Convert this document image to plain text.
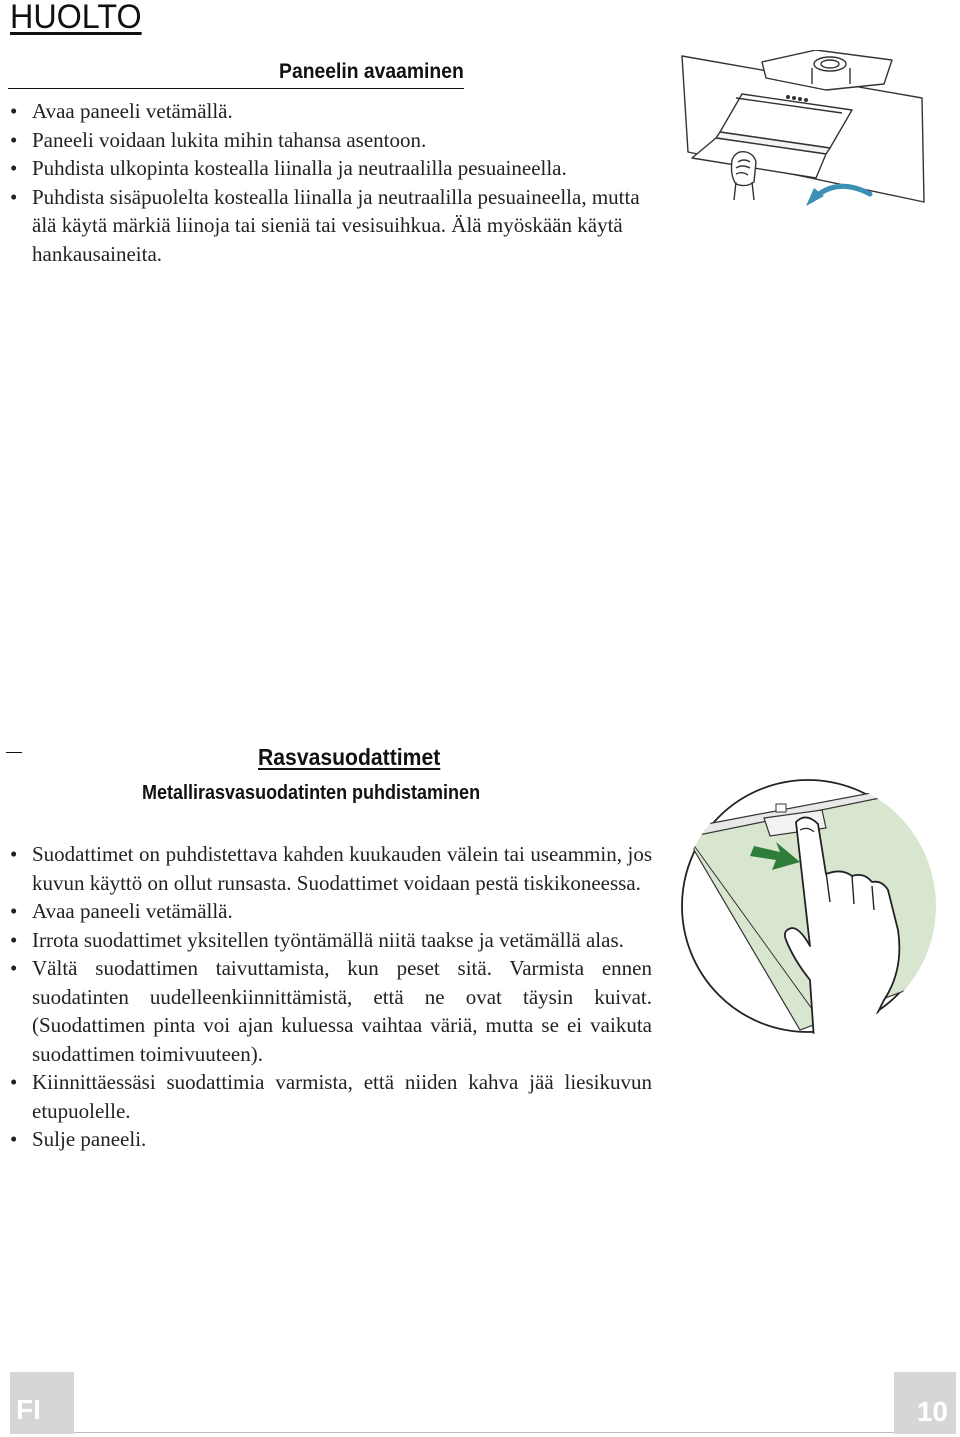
HUOLTO
Paneelin avaaminen
• Avaa paneeli vetämällä.
• Paneeli voidaan lukita mihin tahansa asentoon.
• Puhdista ulkopinta kostealla liinalla ja neutraalilla pesuaineella.
• Puhdista sisäpuolelta kostealla liinalla ja neutraalilla pesuaineella, mutta älä käytä märkiä liinoja tai sieniä tai vesisuihkua. Älä myöskään käytä hankausaineita.
Rasvasuodattimet
Metallirasvasuodatinten puhdistaminen
• Suodattimet on puhdistettava kahden kuukauden välein tai useammin, jos kuvun käyttö on ollut runsasta. Suodattimet voidaan pestä tiskikoneessa.
• Avaa paneeli vetämällä.
• Irrota suodattimet yksitellen työntämällä niitä taakse ja vetämällä alas.
• Vältä suodattimen taivuttamista, kun peset sitä. Varmista ennen suodatinten uudelleenkiinnittämistä, että ne ovat täysin kuivat. (Suodattimen pinta voi ajan kuluessa vaihtaa väriä, mutta se ei vaikuta suodattimen toimivuuteen).
• Kiinnittäessäsi suodattimia varmista, että niiden kahva jää liesikuvun etupuolelle.
• Sulje paneeli.
FI	10
